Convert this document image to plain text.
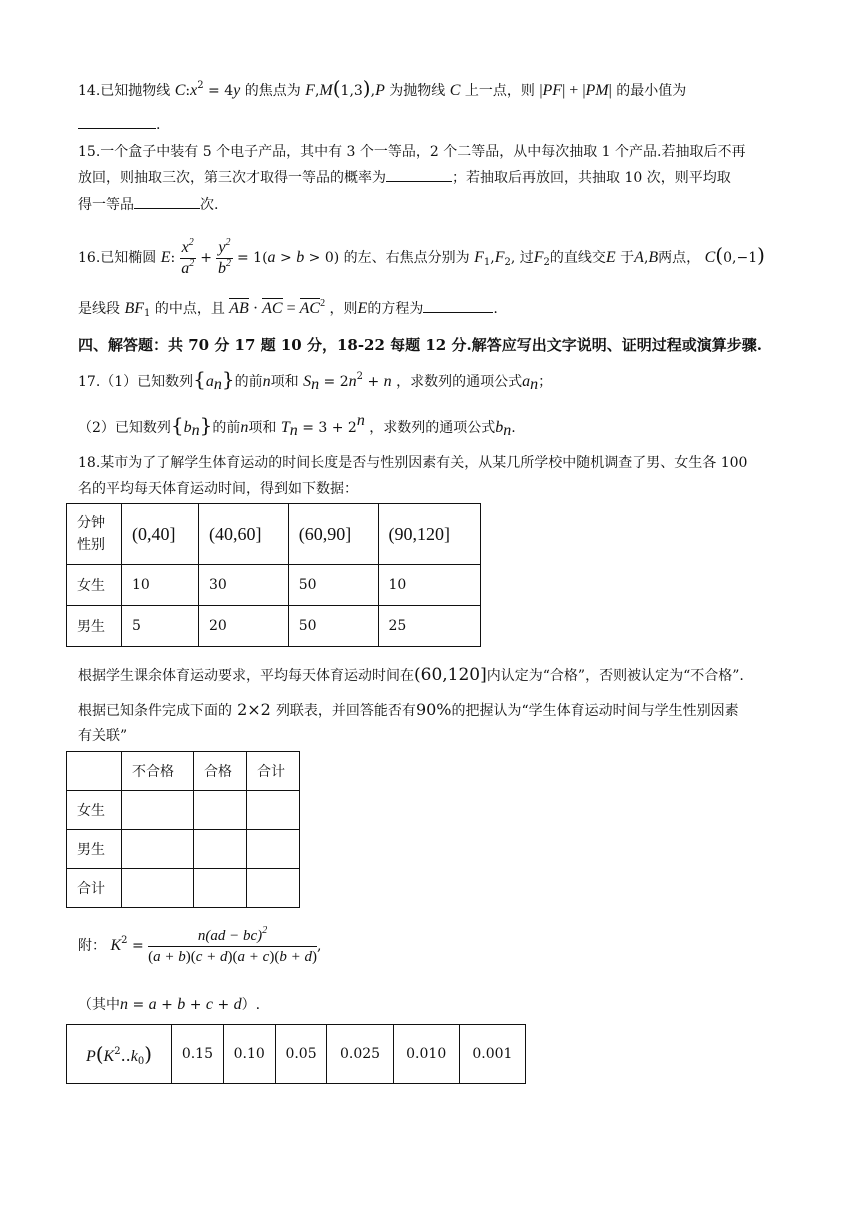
14.已知抛物线 $C:x^2 = 4y$ 的焦点为 F,M(1,3),P 为抛物线 C 上一点，则 |PF| + |PM| 的最小值为
.
15.一个盒子中装有 5 个电子产品，其中有 3 个一等品，2 个二等品，从中每次抽取 1 个产品.若抽取后不再
放回，则抽取三次，第三次才取得一等品的概率为	；若抽取后再放回，共抽取 10 次，则平均取
得一等品	次.
16.已知椭圆 E: $\frac{x^2}{a^2} + \frac{y^2}{b^2} = 1(a > b > 0)$ 的左、右焦点分别为 $F_1,F_2$, 过$F_2$的直线交E 于A,B两点， C(0,−1)
是线段 $BF_1$ 的中点，且 AB · AC = $AC^2$ ，则E的方程为	.
四、解答题：共 70 分 17 题 10 分，18-22 每题 12 分.解答应写出文字说明、证明过程或演算步骤.
17.（1）已知数列$\{a_n\}$的前n项和 $S_n = 2n^2 + n$ ，求数列的通项公式$a_n$；
（2）已知数列$\{b_n\}$的前n项和 $T_n = 3 + 2^n$ ，求数列的通项公式$b_n$.
18.某市为了了解学生体育运动的时间长度是否与性别因素有关，从某几所学校中随机调查了男、女生各 100
名的平均每天体育运动时间，得到如下数据：
分钟
性别	(0,40]	(40,60]	(60,90]	(90,120]
女生	10	30	50	10
男生	5	20	50	25
根据学生课余体育运动要求，平均每天体育运动时间在(60,120]内认定为“合格”，否则被认定为“不合格”.
根据已知条件完成下面的 2×2 列联表，并回答能否有90%的把握认为“学生体育运动时间与学生性别因素
有关联”
	不合格	合格	合计
女生			
男生			
合计			
附： $K^2 = \frac{n(ad - bc)^2}{(a + b)(c + d)(a + c)(b + d)}$ ,
（其中n = a + b + c + d）.
$P(K^2..k_0)$	0.15	0.10	0.05	0.025	0.010	0.001
